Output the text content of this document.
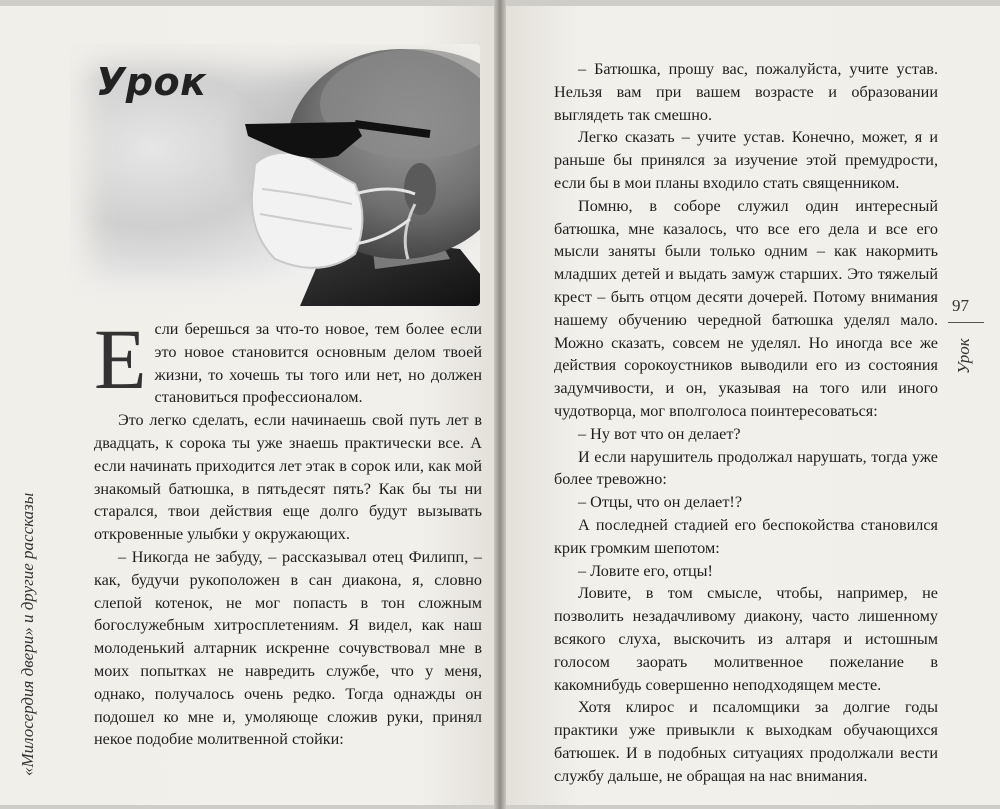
Урок
«Милосердия двери» и другие рассказы

Если берешься за что-то новое, тем более если это новое становится основным делом твоей жизни, то хочешь ты того или нет, но должен становиться профессионалом.

Это легко сделать, если начинаешь свой путь лет в двадцать, к сорока ты уже знаешь практически все. А если начинать приходится лет этак в сорок или, как мой знакомый батюшка, в пятьдесят пять? Как бы ты ни старался, твои действия еще долго будут вызывать откровенные улыбки у окружающих.

– Никогда не забуду, – рассказывал отец Филипп, – как, будучи рукоположен в сан диакона, я, словно слепой котенок, не мог попасть в тон сложным богослужебным хитросплетениям. Я видел, как наш молоденький алтарник искренне сочувствовал мне в моих попытках не навредить службе, что у меня, однако, получалось очень редко. Тогда однажды он подошел ко мне и, умоляюще сложив руки, принял некое подобие молитвенной стойки:

– Батюшка, прошу вас, пожалуйста, учите устав. Нельзя вам при вашем возрасте и образовании выглядеть так смешно.

Легко сказать – учите устав. Конечно, может, я и раньше бы принялся за изучение этой премудрости, если бы в мои планы входило стать священником.

Помню, в соборе служил один интересный батюшка, мне казалось, что все его дела и все его мысли заняты были только одним – как накормить младших детей и выдать замуж старших. Это тяжелый крест – быть отцом десяти дочерей. Потому внимания нашему обучению чередной батюшка уделял мало. Можно сказать, совсем не уделял. Но иногда все же действия сорокоустников выводили его из состояния задумчивости, и он, указывая на того или иного чудотворца, мог вполголоса поинтересоваться:

– Ну вот что он делает?

И если нарушитель продолжал нарушать, тогда уже более тревожно:

– Отцы, что он делает!?

А последней стадией его беспокойства становился крик громким шепотом:

– Ловите его, отцы!

Ловите, в том смысле, чтобы, например, не позволить незадачливому диакону, часто лишенному всякого слуха, выскочить из алтаря и истошным голосом заорать молитвенное пожелание в какомнибудь совершенно неподходящем месте.

Хотя клирос и псаломщики за долгие годы практики уже привыкли к выходкам обучающихся батюшек. И в подобных ситуациях продолжали вести службу дальше, не обращая на нас внимания.

97
Урок
